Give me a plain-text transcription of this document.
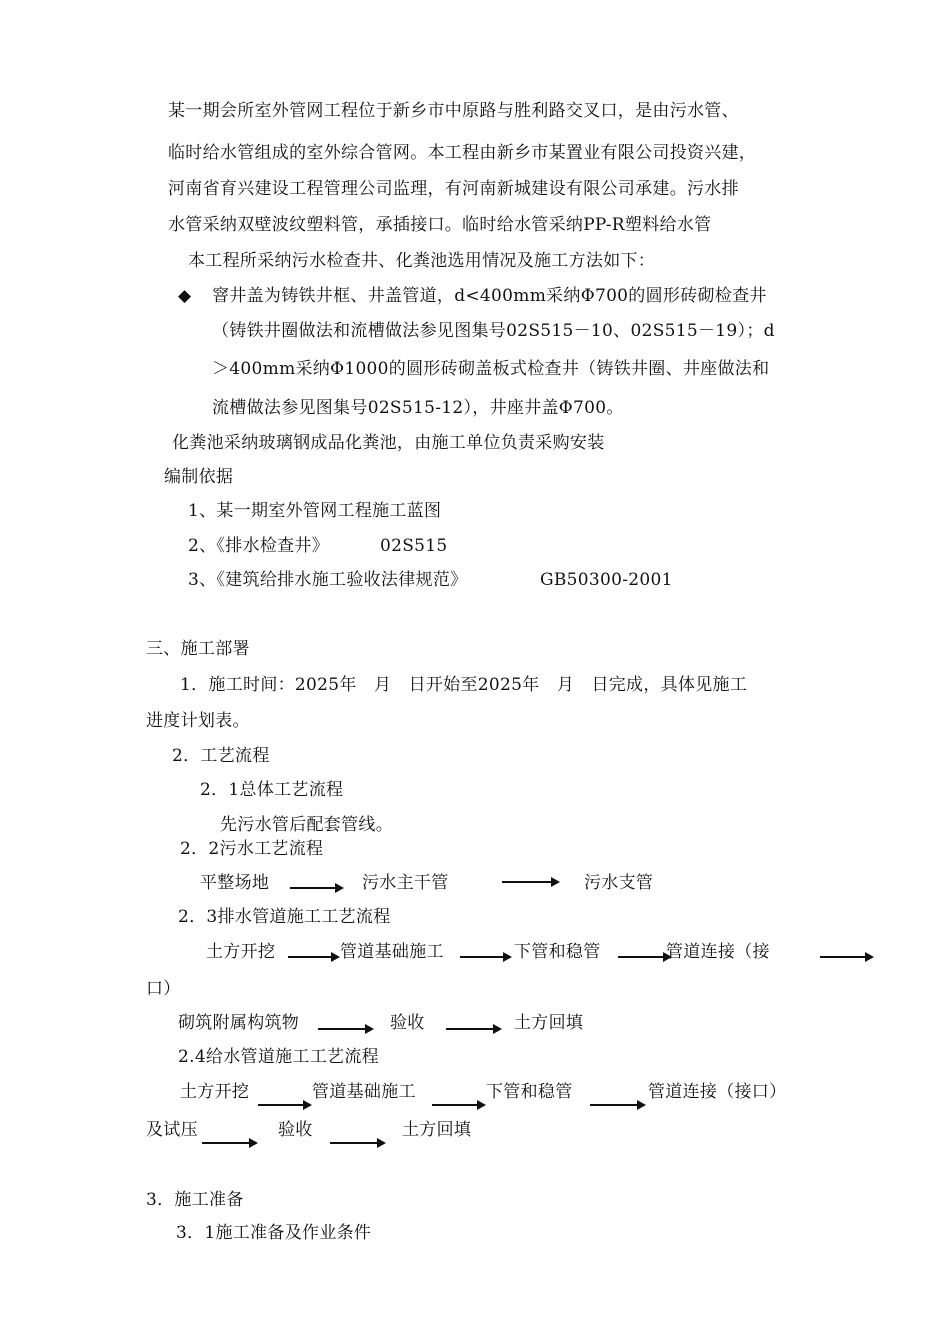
某一期会所室外管网工程位于新乡市中原路与胜利路交叉口，是由污水管、
临时给水管组成的室外综合管网。本工程由新乡市某置业有限公司投资兴建，
河南省育兴建设工程管理公司监理，有河南新城建设有限公司承建。污水排
水管采纳双壁波纹塑料管，承插接口。临时给水管采纳PP-R塑料给水管
本工程所采纳污水检查井、化粪池选用情况及施工方法如下：
◆ 窨井盖为铸铁井框、井盖管道，d<400mm采纳Φ700的圆形砖砌检查井
（铸铁井圈做法和流槽做法参见图集号02S515－10、02S515－19）；d
＞400mm采纳Φ1000的圆形砖砌盖板式检查井（铸铁井圈、井座做法和
流槽做法参见图集号02S515-12），井座井盖Φ700。
化粪池采纳玻璃钢成品化粪池，由施工单位负责采购安装
编制依据
1、某一期室外管网工程施工蓝图
2、《排水检查井》	02S515
3、《建筑给排水施工验收法律规范》	GB50300-2001
三、施工部署
1．施工时间：2025年　月　日开始至2025年　月　日完成，具体见施工
进度计划表。
2．工艺流程
2．1总体工艺流程
先污水管后配套管线。
2．2污水工艺流程
平整场地	污水主干管	污水支管
2．3排水管道施工工艺流程
土方开挖	管道基础施工	下管和稳管	管道连接（接
口）
砌筑附属构筑物	验收	土方回填
2.4给水管道施工工艺流程
土方开挖	管道基础施工	下管和稳管	管道连接（接口）
及试压	验收	土方回填
3．施工准备
3．1施工准备及作业条件
